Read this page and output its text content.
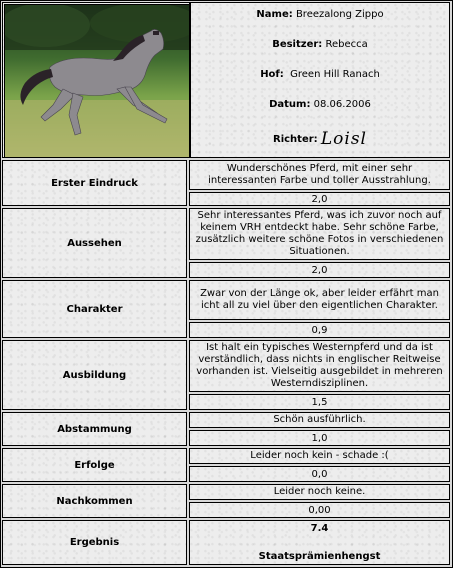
Name: Breezalong Zippo
Besitzer: Rebecca
Hof: Green Hill Ranach
Datum: 08.06.2006
Richter: Loisl
Erster Eindruck
Wunderschönes Pferd, mit einer sehr interessanten Farbe und toller Ausstrahlung.
2,0
Aussehen
Sehr interessantes Pferd, was ich zuvor noch auf keinem VRH entdeckt habe. Sehr schöne Farbe, zusätzlich weitere schöne Fotos in verschiedenen Situationen.
2,0
Charakter
Zwar von der Länge ok, aber leider erfährt man icht all zu viel über den eigentlichen Charakter.
0,9
Ausbildung
Ist halt ein typisches Westernpferd und da ist verständlich, dass nichts in englischer Reitweise vorhanden ist. Vielseitig ausgebildet in mehreren Westerndisziplinen.
1,5
Abstammung
Schön ausführlich.
1,0
Erfolge
Leider noch kein - schade :(
0,0
Nachkommen
Leider noch keine.
0,00
Ergebnis
7.4
Staatsprämienhengst
